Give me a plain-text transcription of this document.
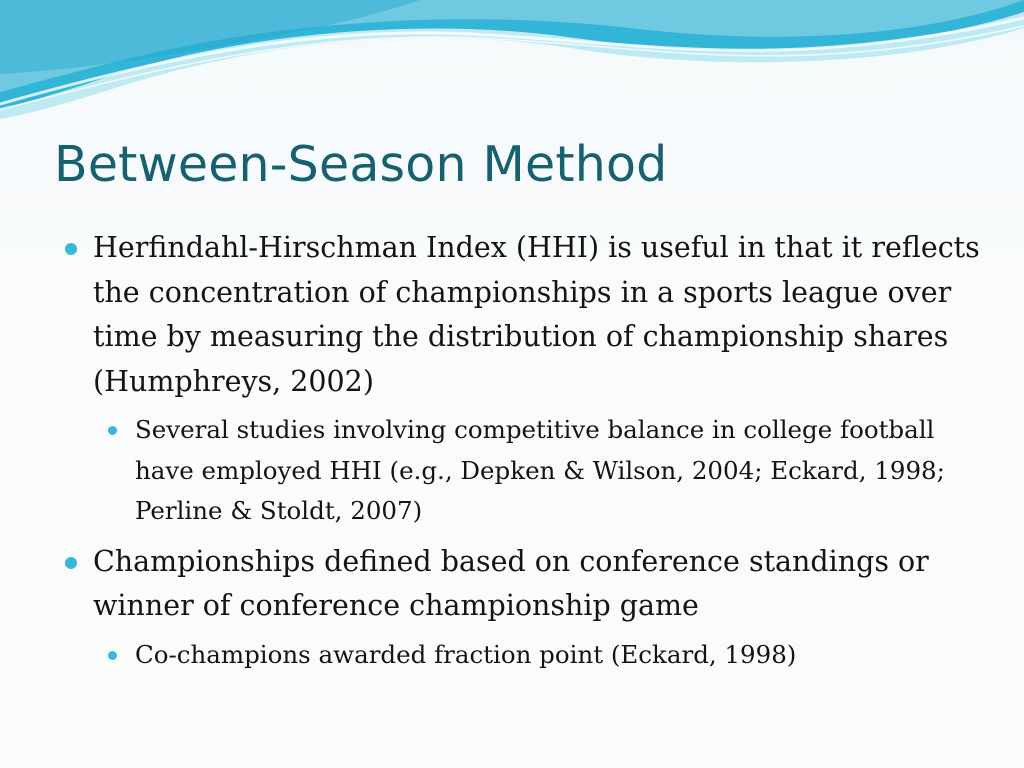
Between-Season Method
Herfindahl-Hirschman Index (HHI) is useful in that it reflects the concentration of championships in a sports league over time by measuring the distribution of championship shares (Humphreys, 2002)
Several studies involving competitive balance in college football have employed HHI (e.g., Depken & Wilson, 2004; Eckard, 1998; Perline & Stoldt, 2007)
Championships defined based on conference standings or winner of conference championship game
Co-champions awarded fraction point (Eckard, 1998)
